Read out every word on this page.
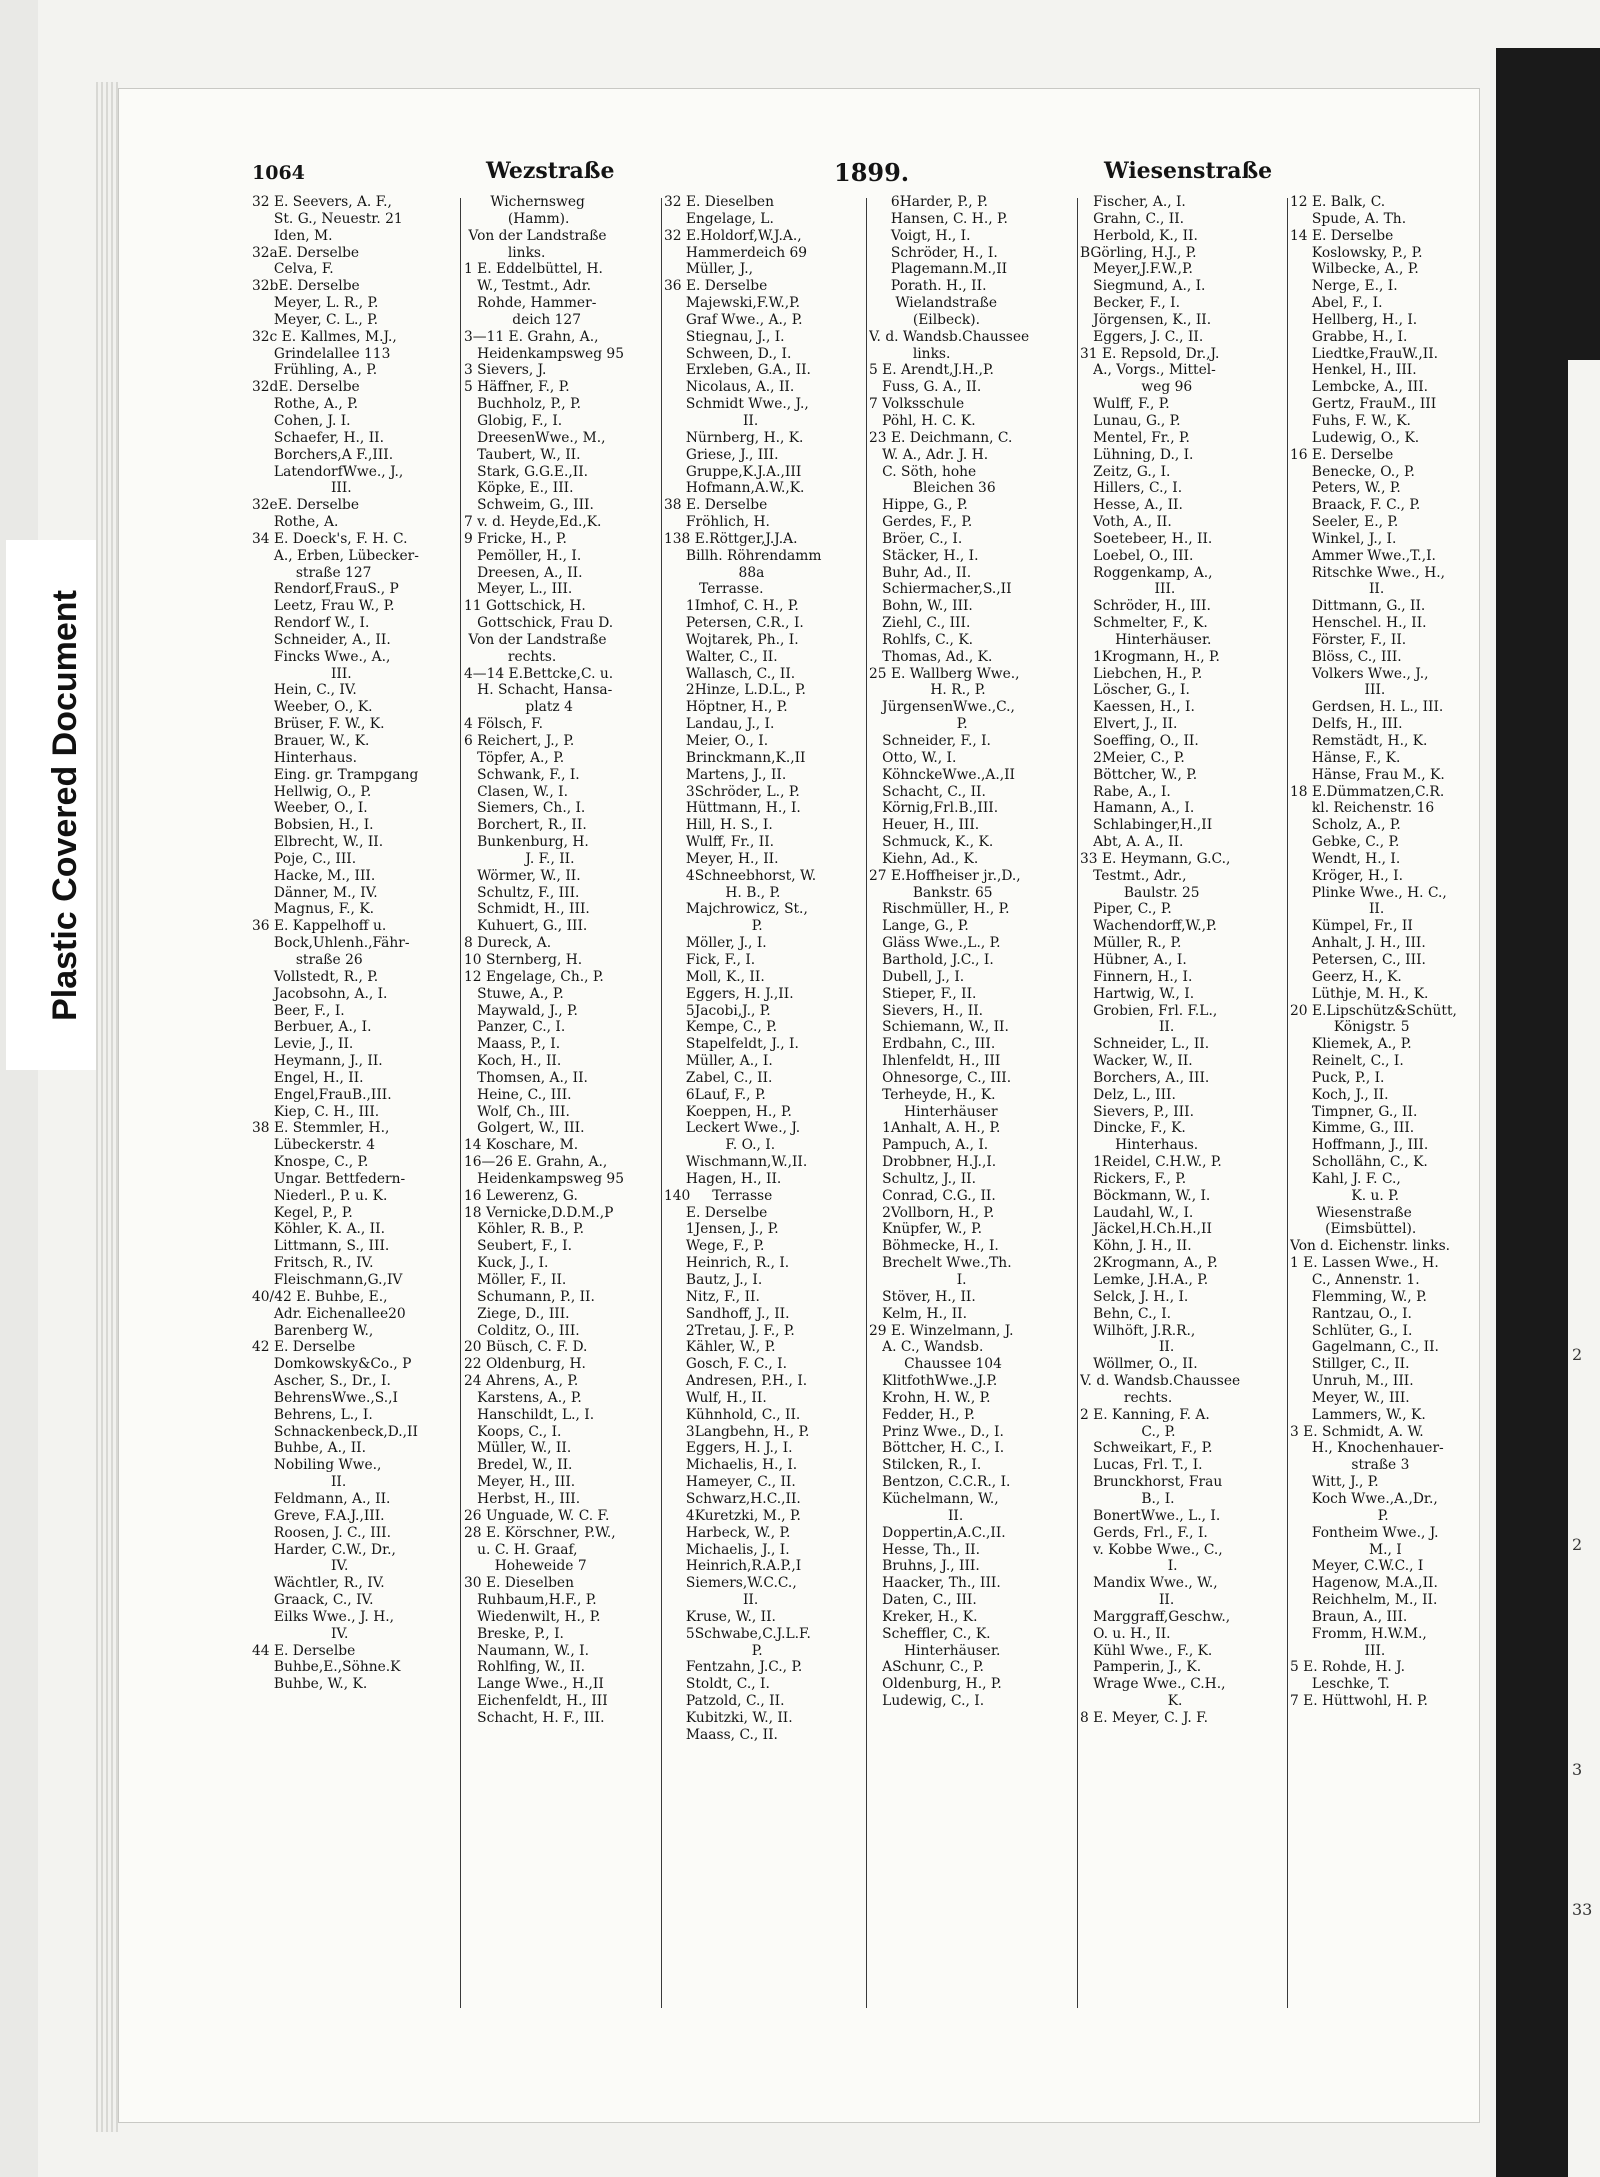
Plastic Covered Document
2
2
3
33
1064	Wezstraße	1899.	Wiesenstraße
32 E. Seevers, A. F.,
St. G., Neuestr. 21
Iden, M.
32aE. Derselbe
Celva, F.
32bE. Derselbe
Meyer, L. R., P.
Meyer, C. L., P.
32c E. Kallmes, M.J.,
Grindelallee 113
Frühling, A., P.
32dE. Derselbe
Rothe, A., P.
Cohen, J. I.
Schaefer, H., II.
Borchers,A F.,III.
LatendorfWwe., J.,
III.
32eE. Derselbe
Rothe, A.
34 E. Doeck's, F. H. C.
A., Erben, Lübecker-
straße 127
Rendorf,FrauS., P
Leetz, Frau W., P.
Rendorf W., I.
Schneider, A., II.
Fincks Wwe., A.,
III.
Hein, C., IV.
Weeber, O., K.
Brüser, F. W., K.
Brauer, W., K.
Hinterhaus.
Eing. gr. Trampgang
Hellwig, O., P.
Weeber, O., I.
Bobsien, H., I.
Elbrecht, W., II.
Poje, C., III.
Hacke, M., III.
Dänner, M., IV.
Magnus, F., K.
36 E. Kappelhoff u.
Bock,Uhlenh.,Fähr-
straße 26
Vollstedt, R., P.
Jacobsohn, A., I.
Beer, F., I.
Berbuer, A., I.
Levie, J., II.
Heymann, J., II.
Engel, H., II.
Engel,FrauB.,III.
Kiep, C. H., III.
38 E. Stemmler, H.,
Lübeckerstr. 4
Knospe, C., P.
Ungar. Bettfedern-
Niederl., P. u. K.
Kegel, P., P.
Köhler, K. A., II.
Littmann, S., III.
Fritsch, R., IV.
Fleischmann,G.,IV
40/42 E. Buhbe, E.,
Adr. Eichenallee20
Barenberg W.,
42 E. Derselbe
Domkowsky&Co., P
Ascher, S., Dr., I.
BehrensWwe.,S.,I
Behrens, L., I.
Schnackenbeck,D.,II
Buhbe, A., II.
Nobiling Wwe.,
II.
Feldmann, A., II.
Greve, F.A.J.,III.
Roosen, J. C., III.
Harder, C.W., Dr.,
IV.
Wächtler, R., IV.
Graack, C., IV.
Eilks Wwe., J. H.,
IV.
44 E. Derselbe
Buhbe,E.,Söhne.K
Buhbe, W., K.
Wichernsweg
(Hamm).
Von der Landstraße
links.
1 E. Eddelbüttel, H.
W., Testmt., Adr.
Rohde, Hammer-
deich 127
3—11 E. Grahn, A.,
Heidenkampsweg 95
3 Sievers, J.
5 Häffner, F., P.
Buchholz, P., P.
Globig, F., I.
DreesenWwe., M.,
Taubert, W., II.
Stark, G.G.E.,II.
Köpke, E., III.
Schweim, G., III.
7 v. d. Heyde,Ed.,K.
9 Fricke, H., P.
Pemöller, H., I.
Dreesen, A., II.
Meyer, L., III.
11 Gottschick, H.
Gottschick, Frau D.
Von der Landstraße
rechts.
4—14 E.Bettcke,C. u.
H. Schacht, Hansa-
platz 4
4 Fölsch, F.
6 Reichert, J., P.
Töpfer, A., P.
Schwank, F., I.
Clasen, W., I.
Siemers, Ch., I.
Borchert, R., II.
Bunkenburg, H.
J. F., II.
Wörmer, W., II.
Schultz, F., III.
Schmidt, H., III.
Kuhuert, G., III.
8 Dureck, A.
10 Sternberg, H.
12 Engelage, Ch., P.
Stuwe, A., P.
Maywald, J., P.
Panzer, C., I.
Maass, P., I.
Koch, H., II.
Thomsen, A., II.
Heine, C., III.
Wolf, Ch., III.
Golgert, W., III.
14 Koschare, M.
16—26 E. Grahn, A.,
Heidenkampsweg 95
16 Lewerenz, G.
18 Vernicke,D.D.M.,P
Köhler, R. B., P.
Seubert, F., I.
Kuck, J., I.
Möller, F., II.
Schumann, P., II.
Ziege, D., III.
Colditz, O., III.
20 Büsch, C. F. D.
22 Oldenburg, H.
24 Ahrens, A., P.
Karstens, A., P.
Hanschildt, L., I.
Koops, C., I.
Müller, W., II.
Bredel, W., II.
Meyer, H., III.
Herbst, H., III.
26 Unguade, W. C. F.
28 E. Körschner, P.W.,
u. C. H. Graaf,
Hoheweide 7
30 E. Dieselben
Ruhbaum,H.F., P.
Wiedenwilt, H., P.
Breske, P., I.
Naumann, W., I.
Rohlfing, W., II.
Lange Wwe., H.,II
Eichenfeldt, H., III
Schacht, H. F., III.
32 E. Dieselben
Engelage, L.
32 E.Holdorf,W.J.A.,
Hammerdeich 69
Müller, J.,
36 E. Derselbe
Majewski,F.W.,P.
Graf Wwe., A., P.
Stiegnau, J., I.
Schween, D., I.
Erxleben, G.A., II.
Nicolaus, A., II.
Schmidt Wwe., J.,
II.
Nürnberg, H., K.
Griese, J., III.
Gruppe,K.J.A.,III
Hofmann,A.W.,K.
38 E. Derselbe
Fröhlich, H.
138 E.Röttger,J.J.A.
Billh. Röhrendamm
88a
Terrasse.
1Imhof, C. H., P.
Petersen, C.R., I.
Wojtarek, Ph., I.
Walter, C., II.
Wallasch, C., II.
2Hinze, L.D.L., P.
Höptner, H., P.
Landau, J., I.
Meier, O., I.
Brinckmann,K.,II
Martens, J., II.
3Schröder, L., P.
Hüttmann, H., I.
Hill, H. S., I.
Wulff, Fr., II.
Meyer, H., II.
4Schneebhorst, W.
H. B., P.
Majchrowicz, St.,
P.
Möller, J., I.
Fick, F., I.
Moll, K., II.
Eggers, H. J.,II.
5Jacobi,J., P.
Kempe, C., P.
Stapelfeldt, J., I.
Müller, A., I.
Zabel, C., II.
6Lauf, F., P.
Koeppen, H., P.
Leckert Wwe., J.
F. O., I.
Wischmann,W.,II.
Hagen, H., II.
140     Terrasse
E. Derselbe
1Jensen, J., P.
Wege, F., P.
Heinrich, R., I.
Bautz, J., I.
Nitz, F., II.
Sandhoff, J., II.
2Tretau, J. F., P.
Kähler, W., P.
Gosch, F. C., I.
Andresen, P.H., I.
Wulf, H., II.
Kühnhold, C., II.
3Langbehn, H., P.
Eggers, H. J., I.
Michaelis, H., I.
Hameyer, C., II.
Schwarz,H.C.,II.
4Kuretzki, M., P.
Harbeck, W., P.
Michaelis, J., I.
Heinrich,R.A.P.,I
Siemers,W.C.C.,
II.
Kruse, W., II.
5Schwabe,C.J.L.F.
P.
Fentzahn, J.C., P.
Stoldt, C., I.
Patzold, C., II.
Kubitzki, W., II.
Maass, C., II.
6Harder, P., P.
Hansen, C. H., P.
Voigt, H., I.
Schröder, H., I.
Plagemann.M.,II
Porath. H., II.
Wielandstraße
(Eilbeck).
V. d. Wandsb.Chaussee
links.
5 E. Arendt,J.H.,P.
Fuss, G. A., II.
7 Volksschule
Pöhl, H. C. K.
23 E. Deichmann, C.
W. A., Adr. J. H.
C. Söth, hohe
Bleichen 36
Hippe, G., P.
Gerdes, F., P.
Bröer, C., I.
Stäcker, H., I.
Buhr, Ad., II.
Schiermacher,S.,II
Bohn, W., III.
Ziehl, C., III.
Rohlfs, C., K.
Thomas, Ad., K.
25 E. Wallberg Wwe.,
H. R., P.
JürgensenWwe.,C.,
P.
Schneider, F., I.
Otto, W., I.
KöhnckeWwe.,A.,II
Schacht, C., II.
Körnig,Frl.B.,III.
Heuer, H., III.
Schmuck, K., K.
Kiehn, Ad., K.
27 E.Hoffheiser jr.,D.,
Bankstr. 65
Rischmüller, H., P.
Lange, G., P.
Gläss Wwe.,L., P.
Barthold, J.C., I.
Dubell, J., I.
Stieper, F., II.
Sievers, H., II.
Schiemann, W., II.
Erdbahn, C., III.
Ihlenfeldt, H., III
Ohnesorge, C., III.
Terheyde, H., K.
Hinterhäuser
1Anhalt, A. H., P.
Pampuch, A., I.
Drobbner, H.J.,I.
Schultz, J., II.
Conrad, C.G., II.
2Vollborn, H., P.
Knüpfer, W., P.
Böhmecke, H., I.
Brechelt Wwe.,Th.
I.
Stöver, H., II.
Kelm, H., II.
29 E. Winzelmann, J.
A. C., Wandsb.
Chaussee 104
KlitfothWwe.,J.P.
Krohn, H. W., P.
Fedder, H., P.
Prinz Wwe., D., I.
Böttcher, H. C., I.
Stilcken, R., I.
Bentzon, C.C.R., I.
Küchelmann, W.,
II.
Doppertin,A.C.,II.
Hesse, Th., II.
Bruhns, J., III.
Haacker, Th., III.
Daten, C., III.
Kreker, H., K.
Scheffler, C., K.
Hinterhäuser.
ASchunr, C., P.
Oldenburg, H., P.
Ludewig, C., I.
Fischer, A., I.
Grahn, C., II.
Herbold, K., II.
BGörling, H.J., P.
Meyer,J.F.W.,P.
Siegmund, A., I.
Becker, F., I.
Jörgensen, K., II.
Eggers, J. C., II.
31 E. Repsold, Dr.,J.
A., Vorgs., Mittel-
weg 96
Wulff, F., P.
Lunau, G., P.
Mentel, Fr., P.
Lühning, D., I.
Zeitz, G., I.
Hillers, C., I.
Hesse, A., II.
Voth, A., II.
Soetebeer, H., II.
Loebel, O., III.
Roggenkamp, A.,
III.
Schröder, H., III.
Schmelter, F., K.
Hinterhäuser.
1Krogmann, H., P.
Liebchen, H., P.
Löscher, G., I.
Kaessen, H., I.
Elvert, J., II.
Soeffing, O., II.
2Meier, C., P.
Böttcher, W., P.
Rabe, A., I.
Hamann, A., I.
Schlabinger,H.,II
Abt, A. A., II.
33 E. Heymann, G.C.,
Testmt., Adr.,
Baulstr. 25
Piper, C., P.
Wachendorff,W.,P.
Müller, R., P.
Hübner, A., I.
Finnern, H., I.
Hartwig, W., I.
Grobien, Frl. F.L.,
II.
Schneider, L., II.
Wacker, W., II.
Borchers, A., III.
Delz, L., III.
Sievers, P., III.
Dincke, F., K.
Hinterhaus.
1Reidel, C.H.W., P.
Rickers, F., P.
Böckmann, W., I.
Laudahl, W., I.
Jäckel,H.Ch.H.,II
Köhn, J. H., II.
2Krogmann, A., P.
Lemke, J.H.A., P.
Selck, J. H., I.
Behn, C., I.
Wilhöft, J.R.R.,
II.
Wöllmer, O., II.
V. d. Wandsb.Chaussee
rechts.
2 E. Kanning, F. A.
C., P.
Schweikart, F., P.
Lucas, Frl. T., I.
Brunckhorst, Frau
B., I.
BonertWwe., L., I.
Gerds, Frl., F., I.
v. Kobbe Wwe., C.,
I.
Mandix Wwe., W.,
II.
Marggraff,Geschw.,
O. u. H., II.
Kühl Wwe., F., K.
Pamperin, J., K.
Wrage Wwe., C.H.,
K.
8 E. Meyer, C. J. F.
12 E. Balk, C.
Spude, A. Th.
14 E. Derselbe
Koslowsky, P., P.
Wilbecke, A., P.
Nerge, E., I.
Abel, F., I.
Hellberg, H., I.
Grabbe, H., I.
Liedtke,FrauW.,II.
Henkel, H., III.
Lembcke, A., III.
Gertz, FrauM., III
Fuhs, F. W., K.
Ludewig, O., K.
16 E. Derselbe
Benecke, O., P.
Peters, W., P.
Braack, F. C., P.
Seeler, E., P.
Winkel, J., I.
Ammer Wwe.,T.,I.
Ritschke Wwe., H.,
II.
Dittmann, G., II.
Henschel. H., II.
Förster, F., II.
Blöss, C., III.
Volkers Wwe., J.,
III.
Gerdsen, H. L., III.
Delfs, H., III.
Remstädt, H., K.
Hänse, F., K.
Hänse, Frau M., K.
18 E.Dümmatzen,C.R.
kl. Reichenstr. 16
Scholz, A., P.
Gebke, C., P.
Wendt, H., I.
Kröger, H., I.
Plinke Wwe., H. C.,
II.
Kümpel, Fr., II
Anhalt, J. H., III.
Petersen, C., III.
Geerz, H., K.
Lüthje, M. H., K.
20 E.Lipschütz&Schütt,
Königstr. 5
Kliemek, A., P.
Reinelt, C., I.
Puck, P., I.
Koch, J., II.
Timpner, G., II.
Kimme, G., III.
Hoffmann, J., III.
Schollähn, C., K.
Kahl, J. F. C.,
K. u. P.
Wiesenstraße
(Eimsbüttel).
Von d. Eichenstr. links.
1 E. Lassen Wwe., H.
C., Annenstr. 1.
Flemming, W., P.
Rantzau, O., I.
Schlüter, G., I.
Gagelmann, C., II.
Stillger, C., II.
Unruh, M., III.
Meyer, W., III.
Lammers, W., K.
3 E. Schmidt, A. W.
H., Knochenhauer-
straße 3
Witt, J., P.
Koch Wwe.,A.,Dr.,
P.
Fontheim Wwe., J.
M., I
Meyer, C.W.C., I
Hagenow, M.A.,II.
Reichhelm, M., II.
Braun, A., III.
Fromm, H.W.M.,
III.
5 E. Rohde, H. J.
Leschke, T.
7 E. Hüttwohl, H. P.
